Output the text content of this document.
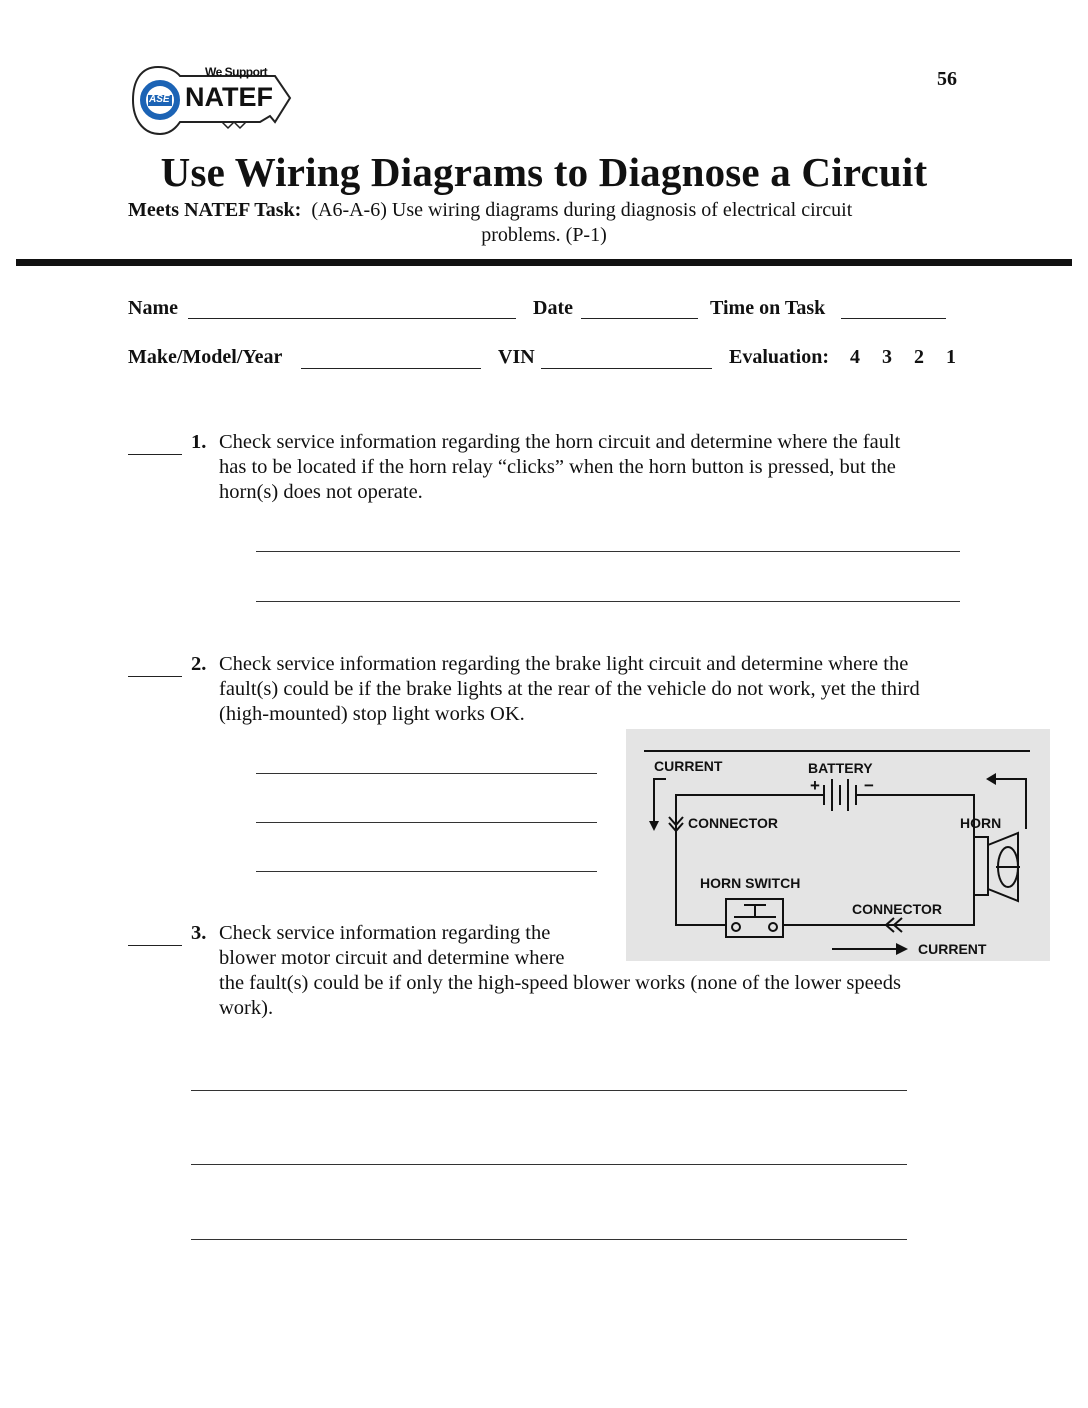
56
ASE
We Support
NATEF
Use Wiring Diagrams to Diagnose a Circuit
Meets NATEF Task: (A6-A-6) Use wiring diagrams during diagnosis of electrical circuit
problems. (P-1)
Name	Date	Time on Task
Make/Model/Year	VIN	Evaluation: 4 3 2 1
1. Check service information regarding the horn circuit and determine where the fault
has to be located if the horn relay “clicks” when the horn button is pressed, but the
horn(s) does not operate.
2. Check service information regarding the brake light circuit and determine where the
fault(s) could be if the brake lights at the rear of the vehicle do not work, yet the third
(high-mounted) stop light works OK.
CURRENT	BATTERY
+	−
CONNECTOR	HORN
HORN SWITCH
CONNECTOR
CURRENT
3. Check service information regarding the
blower motor circuit and determine where
the fault(s) could be if only the high-speed blower works (none of the lower speeds
work).
